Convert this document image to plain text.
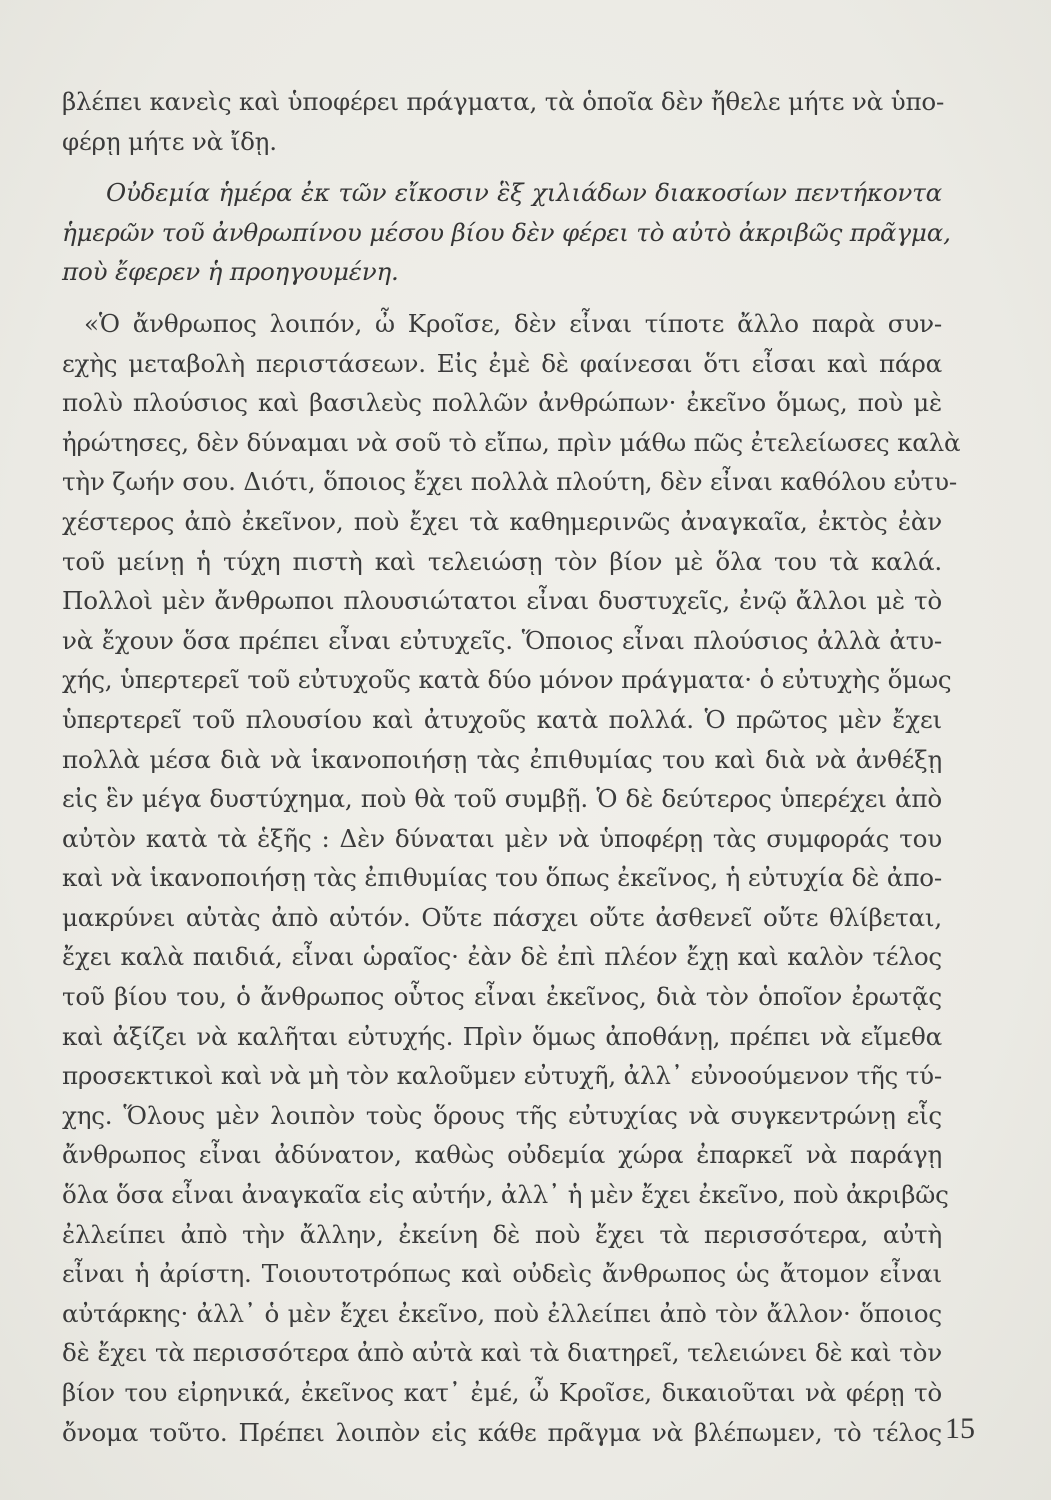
βλέπει κανεὶς καὶ ὑποφέρει πράγματα, τὰ ὁποῖα δὲν ἤθελε μήτε νὰ ὑπο-
φέρῃ μήτε νὰ ἴδῃ.
Οὐδεμία ἡμέρα ἐκ τῶν εἴκοσιν ἓξ χιλιάδων διακοσίων πεντήκοντα
ἡμερῶν τοῦ ἀνθρωπίνου μέσου βίου δὲν φέρει τὸ αὐτὸ ἀκριβῶς πρᾶγμα,
ποὺ ἔφερεν ἡ προηγουμένη.
«Ὁ ἄνθρωπος λοιπόν, ὦ Κροῖσε, δὲν εἶναι τίποτε ἄλλο παρὰ συν-
εχὴς μεταβολὴ περιστάσεων. Εἰς ἐμὲ δὲ φαίνεσαι ὅτι εἶσαι καὶ πάρα
πολὺ πλούσιος καὶ βασιλεὺς πολλῶν ἀνθρώπων· ἐκεῖνο ὅμως, ποὺ μὲ
ἠρώτησες, δὲν δύναμαι νὰ σοῦ τὸ εἴπω, πρὶν μάθω πῶς ἐτελείωσες καλὰ
τὴν ζωήν σου. Διότι, ὅποιος ἔχει πολλὰ πλούτη, δὲν εἶναι καθόλου εὐτυ-
χέστερος ἀπὸ ἐκεῖνον, ποὺ ἔχει τὰ καθημερινῶς ἀναγκαῖα, ἐκτὸς ἐὰν
τοῦ μείνῃ ἡ τύχη πιστὴ καὶ τελειώσῃ τὸν βίον μὲ ὅλα του τὰ καλά.
Πολλοὶ μὲν ἄνθρωποι πλουσιώτατοι εἶναι δυστυχεῖς, ἐνῷ ἄλλοι μὲ τὸ
νὰ ἔχουν ὅσα πρέπει εἶναι εὐτυχεῖς. Ὅποιος εἶναι πλούσιος ἀλλὰ ἀτυ-
χής, ὑπερτερεῖ τοῦ εὐτυχοῦς κατὰ δύο μόνον πράγματα· ὁ εὐτυχὴς ὅμως
ὑπερτερεῖ τοῦ πλουσίου καὶ ἀτυχοῦς κατὰ πολλά. Ὁ πρῶτος μὲν ἔχει
πολλὰ μέσα διὰ νὰ ἱκανοποιήσῃ τὰς ἐπιθυμίας του καὶ διὰ νὰ ἀνθέξῃ
εἰς ἓν μέγα δυστύχημα, ποὺ θὰ τοῦ συμβῇ. Ὁ δὲ δεύτερος ὑπερέχει ἀπὸ
αὐτὸν κατὰ τὰ ἑξῆς : Δὲν δύναται μὲν νὰ ὑποφέρῃ τὰς συμφοράς του
καὶ νὰ ἱκανοποιήσῃ τὰς ἐπιθυμίας του ὅπως ἐκεῖνος, ἡ εὐτυχία δὲ ἀπο-
μακρύνει αὐτὰς ἀπὸ αὐτόν. Οὔτε πάσχει οὔτε ἀσθενεῖ οὔτε θλίβεται,
ἔχει καλὰ παιδιά, εἶναι ὡραῖος· ἐὰν δὲ ἐπὶ πλέον ἔχῃ καὶ καλὸν τέλος
τοῦ βίου του, ὁ ἄνθρωπος οὗτος εἶναι ἐκεῖνος, διὰ τὸν ὁποῖον ἐρωτᾷς
καὶ ἀξίζει νὰ καλῆται εὐτυχής. Πρὶν ὅμως ἀποθάνῃ, πρέπει νὰ εἴμεθα
προσεκτικοὶ καὶ νὰ μὴ τὸν καλοῦμεν εὐτυχῆ, ἀλλ᾿ εὐνοούμενον τῆς τύ-
χης. Ὅλους μὲν λοιπὸν τοὺς ὅρους τῆς εὐτυχίας νὰ συγκεντρώνῃ εἷς
ἄνθρωπος εἶναι ἀδύνατον, καθὼς οὐδεμία χώρα ἐπαρκεῖ νὰ παράγῃ
ὅλα ὅσα εἶναι ἀναγκαῖα εἰς αὐτήν, ἀλλ᾿ ἡ μὲν ἔχει ἐκεῖνο, ποὺ ἀκριβῶς
ἐλλείπει ἀπὸ τὴν ἄλλην, ἐκείνη δὲ ποὺ ἔχει τὰ περισσότερα, αὐτὴ
εἶναι ἡ ἀρίστη. Τοιουτοτρόπως καὶ οὐδεὶς ἄνθρωπος ὡς ἄτομον εἶναι
αὐτάρκης· ἀλλ᾿ ὁ μὲν ἔχει ἐκεῖνο, ποὺ ἐλλείπει ἀπὸ τὸν ἄλλον· ὅποιος
δὲ ἔχει τὰ περισσότερα ἀπὸ αὐτὰ καὶ τὰ διατηρεῖ, τελειώνει δὲ καὶ τὸν
βίον του εἰρηνικά, ἐκεῖνος κατ᾿ ἐμέ, ὦ Κροῖσε, δικαιοῦται νὰ φέρῃ τὸ
ὄνομα τοῦτο. Πρέπει λοιπὸν εἰς κάθε πρᾶγμα νὰ βλέπωμεν, τὸ τέλος 15
